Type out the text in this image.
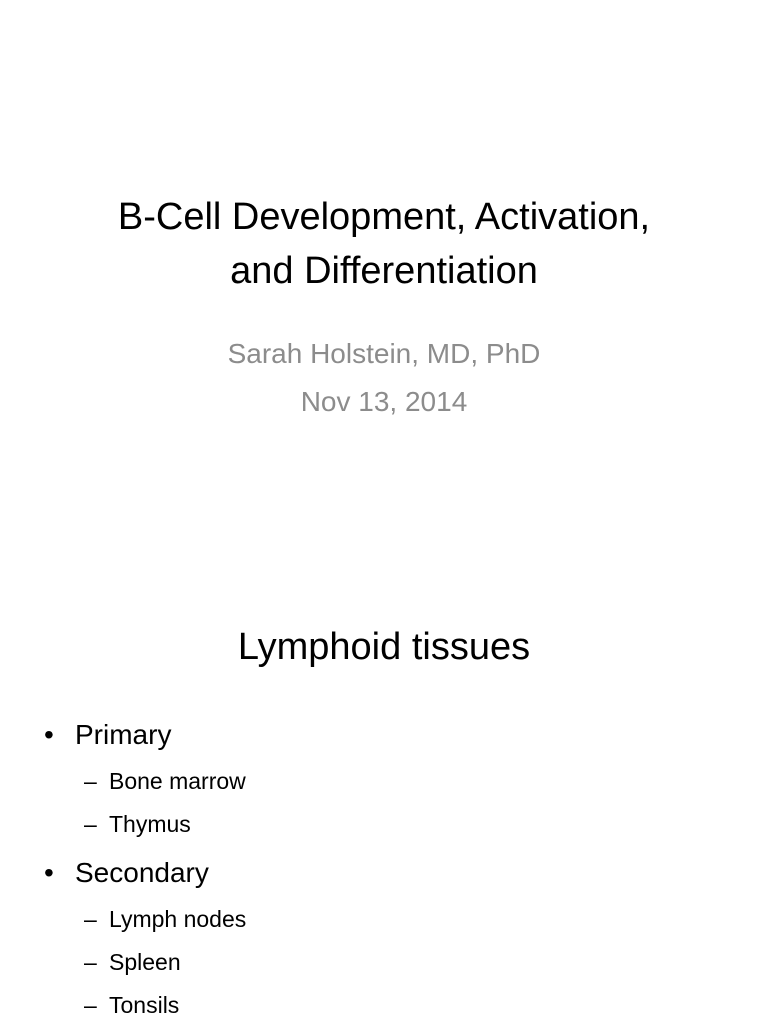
B-Cell Development, Activation,
and Differentiation
Sarah Holstein, MD, PhD
Nov 13, 2014
Lymphoid tissues
• Primary
– Bone marrow
– Thymus
• Secondary
– Lymph nodes
– Spleen
– Tonsils
